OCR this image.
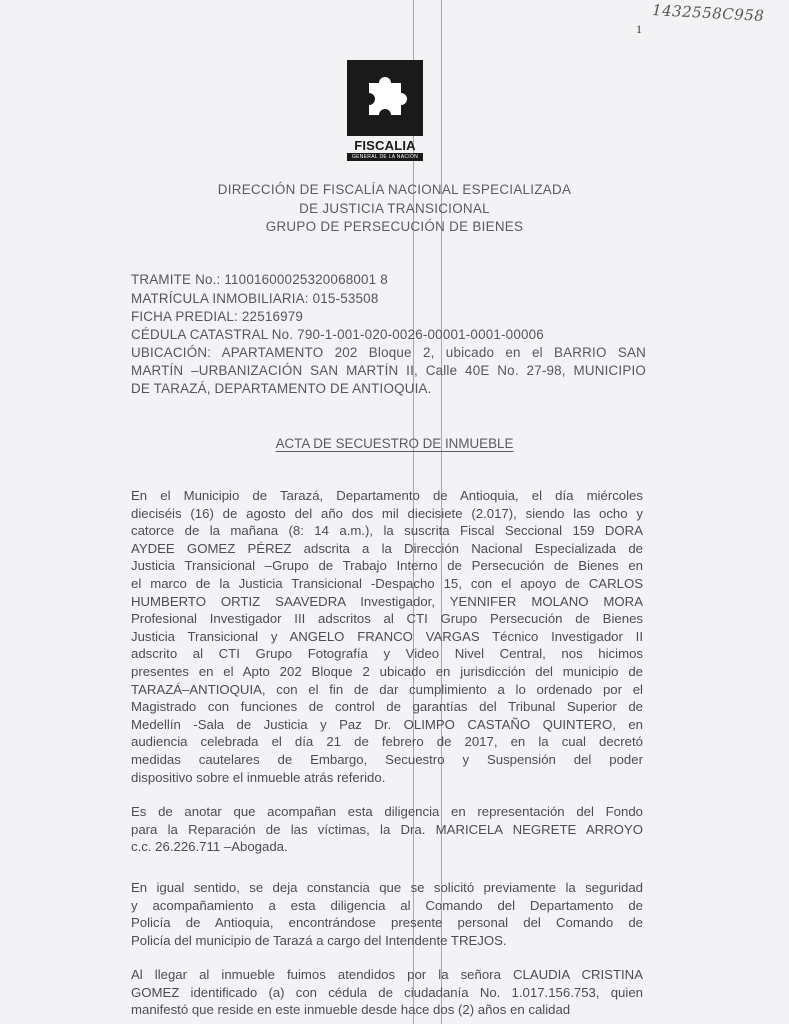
1432558C958
1
FISCALIA
GENERAL DE LA NACIÓN
DIRECCIÓN DE FISCALÍA NACIONAL ESPECIALIZADA
DE JUSTICIA TRANSICIONAL
GRUPO DE PERSECUCIÓN DE BIENES
TRAMITE No.: 11001600025320068001 8
MATRÍCULA INMOBILIARIA: 015-53508
FICHA PREDIAL: 22516979
CÉDULA CATASTRAL No. 790-1-001-020-0026-00001-0001-00006
UBICACIÓN: APARTAMENTO 202 Bloque 2, ubicado en el BARRIO SAN
MARTÍN –URBANIZACIÓN SAN MARTÍN II, Calle 40E No. 27-98, MUNICIPIO
DE TARAZÁ, DEPARTAMENTO DE ANTIOQUIA.
ACTA DE SECUESTRO DE INMUEBLE
En el Municipio de Tarazá, Departamento de Antioquia, el día miércoles
dieciséis (16) de agosto del año dos mil diecisiete (2.017), siendo las ocho y
catorce de la mañana (8: 14 a.m.), la suscrita Fiscal Seccional 159 DORA
AYDEE GOMEZ PÉREZ adscrita a la Dirección Nacional Especializada de
Justicia Transicional –Grupo de Trabajo Interno de Persecución de Bienes en
el marco de la Justicia Transicional -Despacho 15, con el apoyo de CARLOS
HUMBERTO ORTIZ SAAVEDRA Investigador, YENNIFER MOLANO MORA
Profesional Investigador III adscritos al CTI Grupo Persecución de Bienes
Justicia Transicional y ANGELO FRANCO VARGAS Técnico Investigador II
adscrito al CTI Grupo Fotografía y Video Nivel Central, nos hicimos
presentes en el Apto 202 Bloque 2 ubicado en jurisdicción del municipio de
TARAZÁ–ANTIOQUIA, con el fin de dar cumplimiento a lo ordenado por el
Magistrado con funciones de control de garantías del Tribunal Superior de
Medellín -Sala de Justicia y Paz Dr. OLIMPO CASTAÑO QUINTERO, en
audiencia celebrada el día 21 de febrero de 2017, en la cual decretó
medidas cautelares de Embargo, Secuestro y Suspensión del poder
dispositivo sobre el inmueble atrás referido.
Es de anotar que acompañan esta diligencia en representación del Fondo
para la Reparación de las víctimas, la Dra. MARICELA NEGRETE ARROYO
c.c. 26.226.711 –Abogada.
En igual sentido, se deja constancia que se solicitó previamente la seguridad
y acompañamiento a esta diligencia al Comando del Departamento de
Policía de Antioquia, encontrándose presente personal del Comando de
Policía del municipio de Tarazá a cargo del Intendente TREJOS.
Al llegar al inmueble fuimos atendidos por la señora CLAUDIA CRISTINA
GOMEZ identificado (a) con cédula de ciudadanía No. 1.017.156.753, quien
manifestó que reside en este inmueble desde hace dos (2) años en calidad
